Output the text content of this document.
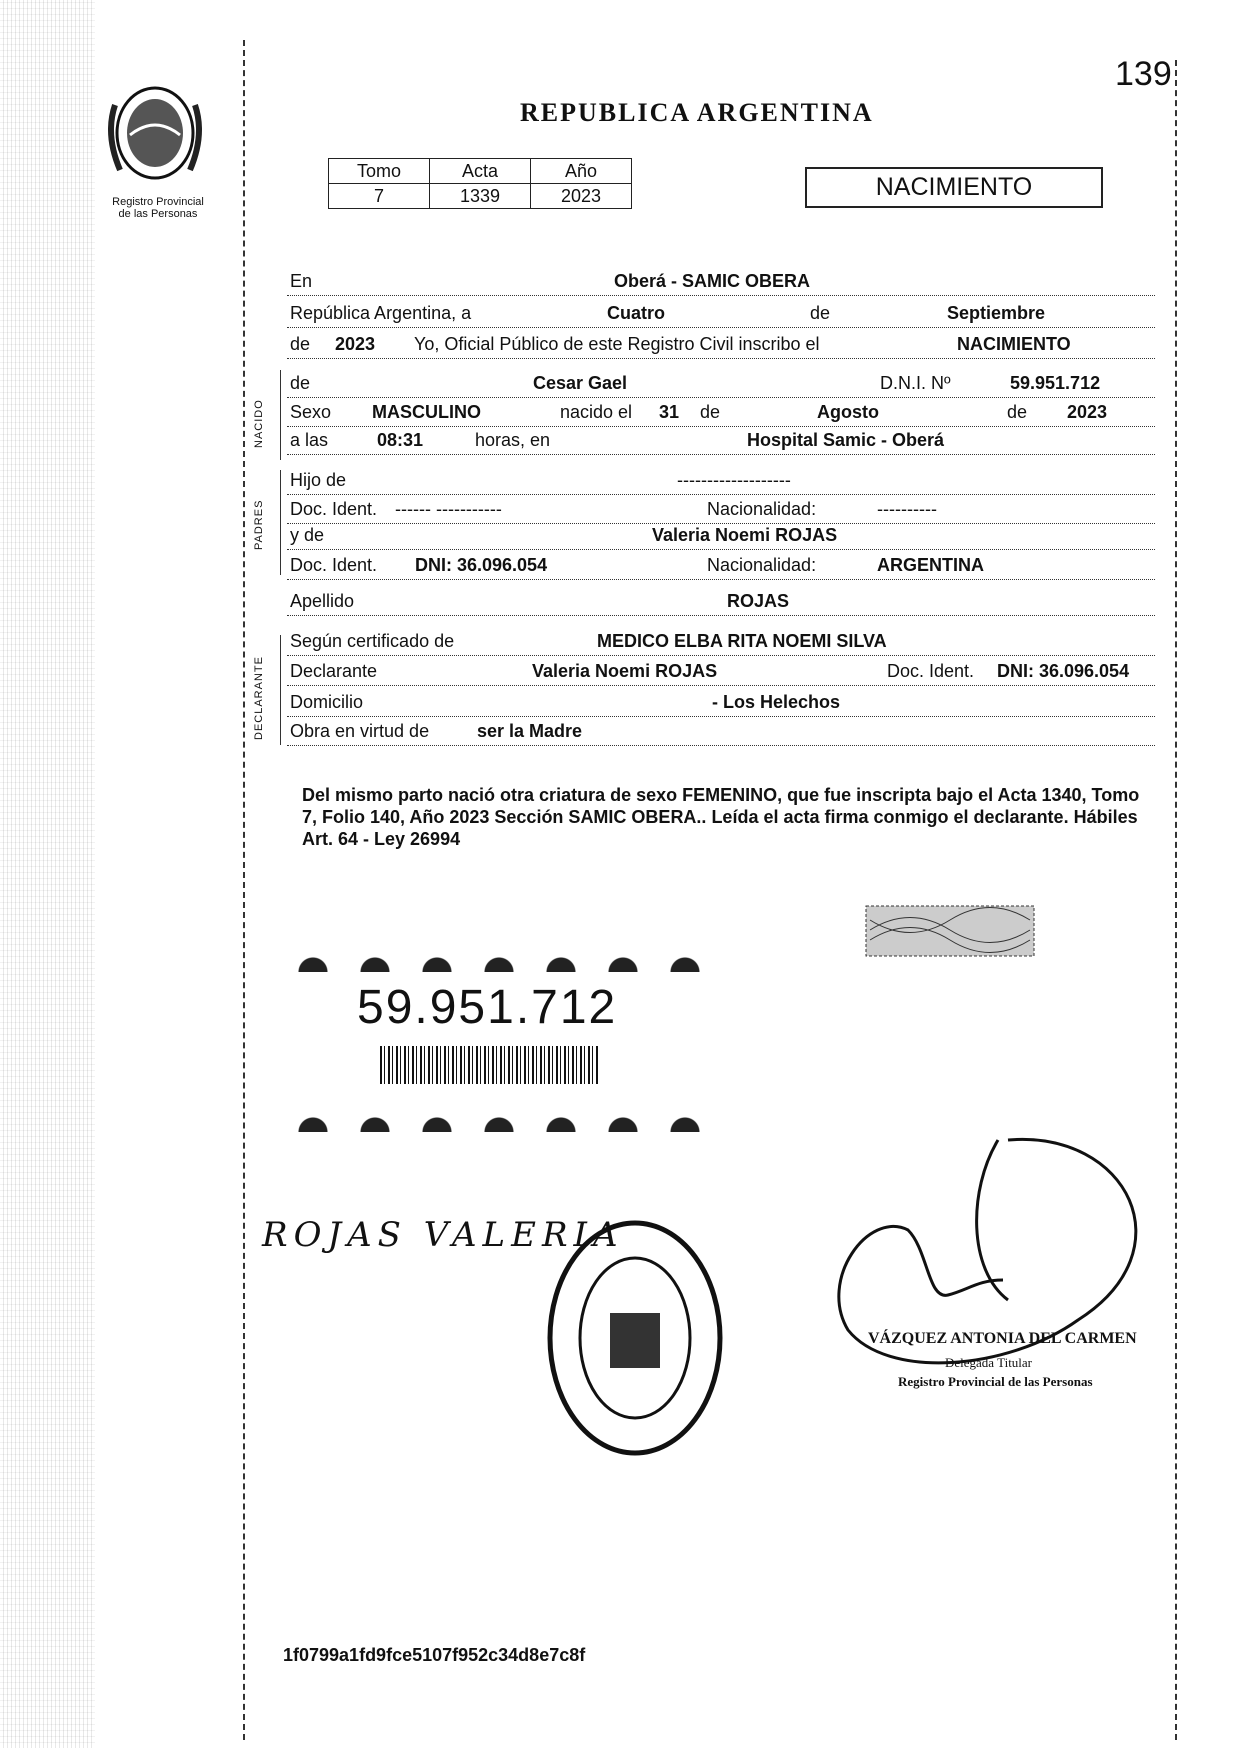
Registro Provincial
de las Personas
139
REPUBLICA ARGENTINA
Tomo	Acta	Año
7	1339	2023	NACIMIENTO
NACIDO
PADRES
DECLARANTE
En	Oberá - SAMIC OBERA
República Argentina, a	Cuatro	de	Septiembre
de 2023 Yo, Oficial Público de este Registro Civil inscribo el	NACIMIENTO
de	Cesar Gael	D.N.I. Nº	59.951.712
Sexo MASCULINO	nacido el 31 de	Agosto	de 2023
a las	08:31	horas, en	Hospital Samic - Oberá
Hijo de	-------------------
Doc. Ident. ------ -----------	Nacionalidad:	----------
y de	Valeria Noemi ROJAS
Doc. Ident. DNI: 36.096.054	Nacionalidad:	ARGENTINA
Apellido	ROJAS
Según certificado de	MEDICO ELBA RITA NOEMI SILVA
Declarante	Valeria Noemi ROJAS	Doc. Ident. DNI: 36.096.054
Domicilio	- Los Helechos
Obra en virtud de	ser la Madre
Del mismo parto nació otra criatura de sexo FEMENINO, que fue inscripta bajo el Acta 1340, Tomo 7, Folio 140, Año 2023 Sección SAMIC OBERA.. Leída el acta firma conmigo el declarante. Hábiles Art. 64 - Ley 26994
59.951.712
ROJAS VALERIA
VÁZQUEZ ANTONIA DEL CARMEN
Delegada Titular
Registro Provincial de las Personas
1f0799a1fd9fce5107f952c34d8e7c8f
